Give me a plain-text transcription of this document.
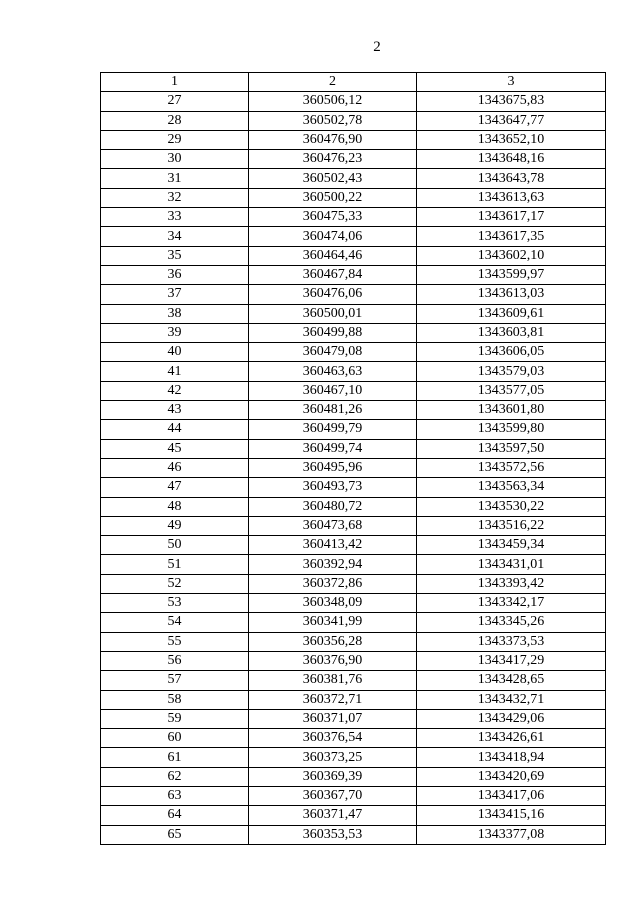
2
1	2	3
27	360506,12	1343675,83
28	360502,78	1343647,77
29	360476,90	1343652,10
30	360476,23	1343648,16
31	360502,43	1343643,78
32	360500,22	1343613,63
33	360475,33	1343617,17
34	360474,06	1343617,35
35	360464,46	1343602,10
36	360467,84	1343599,97
37	360476,06	1343613,03
38	360500,01	1343609,61
39	360499,88	1343603,81
40	360479,08	1343606,05
41	360463,63	1343579,03
42	360467,10	1343577,05
43	360481,26	1343601,80
44	360499,79	1343599,80
45	360499,74	1343597,50
46	360495,96	1343572,56
47	360493,73	1343563,34
48	360480,72	1343530,22
49	360473,68	1343516,22
50	360413,42	1343459,34
51	360392,94	1343431,01
52	360372,86	1343393,42
53	360348,09	1343342,17
54	360341,99	1343345,26
55	360356,28	1343373,53
56	360376,90	1343417,29
57	360381,76	1343428,65
58	360372,71	1343432,71
59	360371,07	1343429,06
60	360376,54	1343426,61
61	360373,25	1343418,94
62	360369,39	1343420,69
63	360367,70	1343417,06
64	360371,47	1343415,16
65	360353,53	1343377,08
